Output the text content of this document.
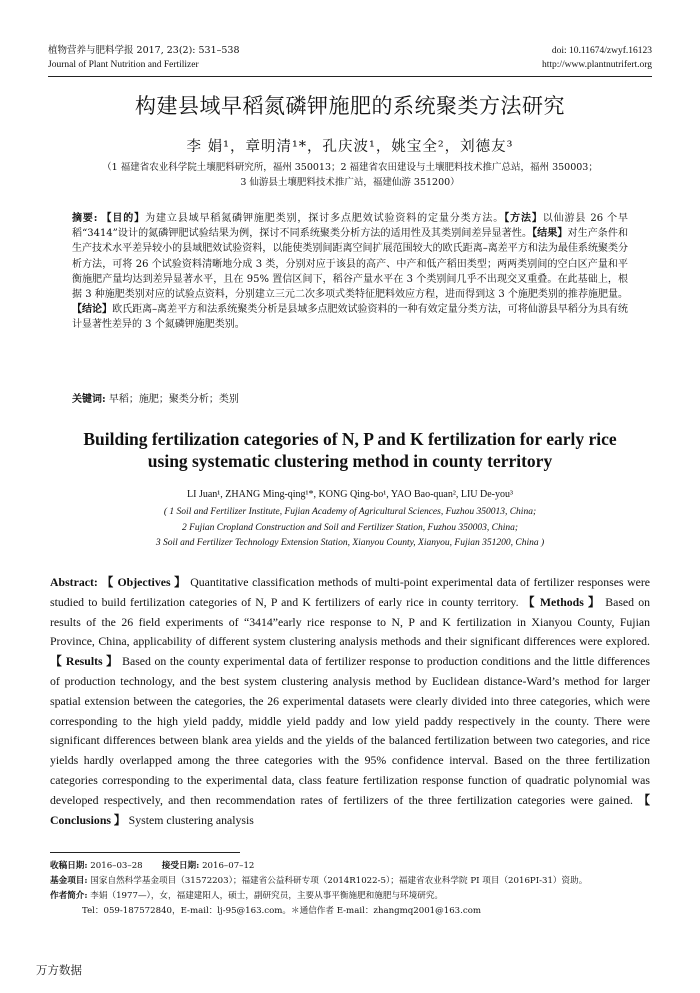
植物营养与肥料学报 2017, 23(2): 531–538
Journal of Plant Nutrition and Fertilizer
doi: 10.11674/zwyf.16123
http://www.plantnutrifert.org
构建县域早稻氮磷钾施肥的系统聚类方法研究
李 娟¹，章明清¹*，孔庆波¹，姚宝全²，刘德友³
（1 福建省农业科学院土壤肥料研究所，福州 350013；2 福建省农田建设与土壤肥料技术推广总站，福州 350003；
3 仙游县土壤肥料技术推广站，福建仙游 351200）
摘要: 【目的】为建立县域早稻氮磷钾施肥类别，探讨多点肥效试验资料的定量分类方法。【方法】以仙游县 26 个早稻“3414”设计的氮磷钾肥试验结果为例，探讨不同系统聚类分析方法的适用性及其类别间差异显著性。【结果】对生产条件和生产技术水平差异较小的县域肥效试验资料，以能使类别间距离空间扩展范围较大的欧氏距离–离差平方和法为最佳系统聚类分析方法，可将 26 个试验资料清晰地分成 3 类，分别对应于该县的高产、中产和低产稻田类型；两两类别间的空白区产量和平衡施肥产量均达到差异显著水平，且在 95% 置信区间下，稻谷产量水平在 3 个类别间几乎不出现交叉重叠。在此基础上，根据 3 种施肥类别对应的试验点资料，分别建立三元二次多项式类特征肥料效应方程，进而得到这 3 个施肥类别的推荐施肥量。【结论】欧氏距离–离差平方和法系统聚类分析是县域多点肥效试验资料的一种有效定量分类方法，可将仙游县早稻分为具有统计显著性差异的 3 个氮磷钾施肥类别。
关键词: 早稻；施肥；聚类分析；类别
Building fertilization categories of N, P and K fertilization for early rice
using systematic clustering method in county territory
LI Juan¹, ZHANG Ming-qing¹*, KONG Qing-bo¹, YAO Bao-quan², LIU De-you³
( 1 Soil and Fertilizer Institute, Fujian Academy of Agricultural Sciences, Fuzhou 350013, China;
2 Fujian Cropland Construction and Soil and Fertilizer Station, Fuzhou 350003, China;
3 Soil and Fertilizer Technology Extension Station, Xianyou County, Xianyou, Fujian 351200, China )
Abstract: 【 Objectives 】 Quantitative classification methods of multi-point experimental data of fertilizer responses were studied to build fertilization categories of N, P and K fertilizers of early rice in county territory. 【 Methods 】 Based on results of the 26 field experiments of “3414”early rice response to N, P and K fertilization in Xianyou County, Fujian Province, China, applicability of different system clustering analysis methods and their significant differences were explored. 【 Results 】 Based on the county experimental data of fertilizer response to production conditions and the little differences of production technology, and the best system clustering analysis method by Euclidean distance-Ward’s method for larger spatial extension between the categories, the 26 experimental datasets were clearly divided into three categories, which were corresponding to the high yield paddy, middle yield paddy and low yield paddy respectively in the county. There were significant differences between blank area yields and the yields of the balanced fertilization between two categories, and rice yields hardly overlapped among the three categories with the 95% confidence interval. Based on the three fertilization categories corresponding to the experimental data, class feature fertilization response function of quadratic polynomial was developed respectively, and then recommendation rates of fertilizers of the three fertilization categories were gained. 【 Conclusions 】 System clustering analysis
收稿日期: 2016–03–28 接受日期: 2016–07–12
基金项目: 国家自然科学基金项目（31572203）；福建省公益科研专项（2014R1022-5）；福建省农业科学院 PI 项目（2016PI-31）资助。
作者简介: 李娟（1977—），女，福建建阳人，硕士，副研究员，主要从事平衡施肥和施肥与环境研究。
Tel：059-187572840，E-mail：lj-95@163.com。＊通信作者 E-mail：zhangmq2001@163.com
万方数据
